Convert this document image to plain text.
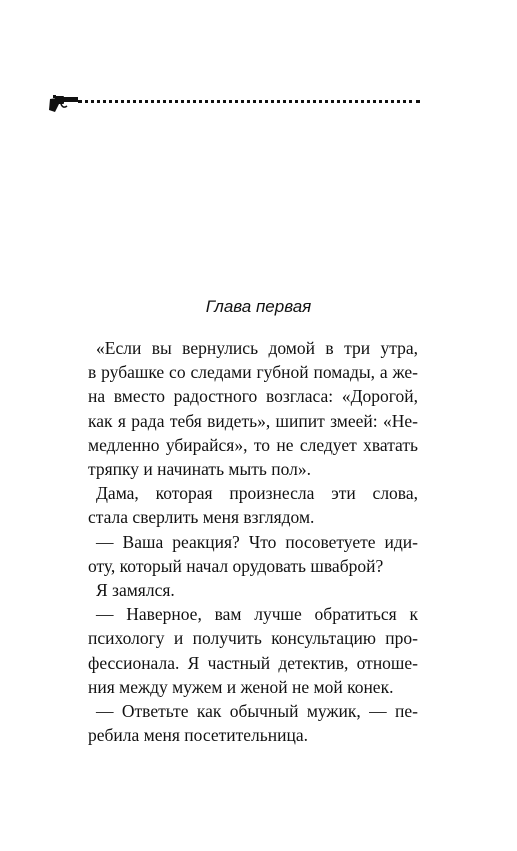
Глава первая

«Если вы вернулись домой в три утра,
в рубашке со следами губной помады, а же-
на вместо радостного возгласа: «Дорогой,
как я рада тебя видеть», шипит змеей: «Не-
медленно убирайся», то не следует хватать
тряпку и начинать мыть пол».

Дама, которая произнесла эти слова,
стала сверлить меня взглядом.

— Ваша реакция? Что посоветуете иди-
оту, который начал орудовать шваброй?

Я замялся.

— Наверное, вам лучше обратиться к
психологу и получить консультацию про-
фессионала. Я частный детектив, отноше-
ния между мужем и женой не мой конек.

— Ответьте как обычный мужик, — пе-
ребила меня посетительница.
